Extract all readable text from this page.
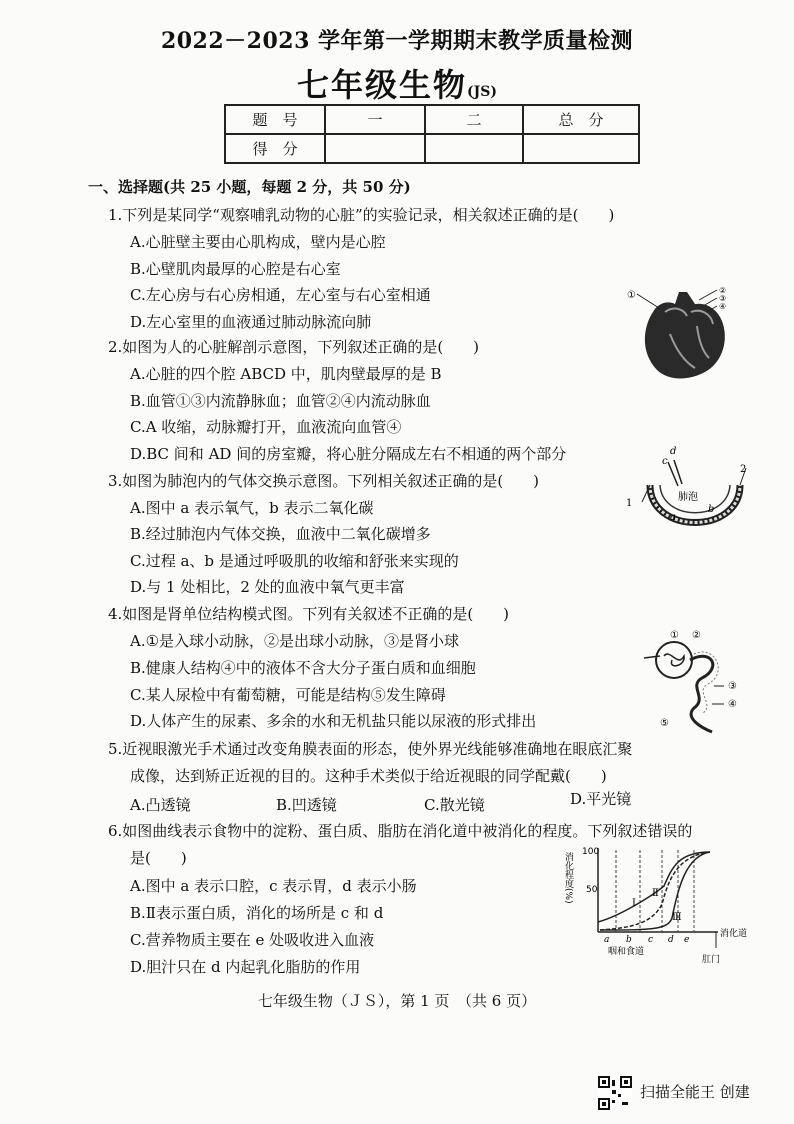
2022－2023 学年第一学期期末教学质量检测
七年级生物(JS)
题　号	一	二	总　分
得　分			
一、选择题(共 25 小题，每题 2 分，共 50 分)
1.下列是某同学“观察哺乳动物的心脏”的实验记录，相关叙述正确的是(　　)
A.心脏壁主要由心肌构成，壁内是心腔
B.心壁肌肉最厚的心腔是右心室
C.左心房与右心房相通，左心室与右心室相通
D.左心室里的血液通过肺动脉流向肺
2.如图为人的心脏解剖示意图，下列叙述正确的是(　　)
A.心脏的四个腔 ABCD 中，肌肉壁最厚的是 B
B.血管①③内流静脉血；血管②④内流动脉血
C.A 收缩，动脉瓣打开，血液流向血管④
D.BC 间和 AD 间的房室瓣，将心脏分隔成左右不相通的两个部分
3.如图为肺泡内的气体交换示意图。下列相关叙述正确的是(　　)
A.图中 a 表示氧气，b 表示二氧化碳
B.经过肺泡内气体交换，血液中二氧化碳增多
C.过程 a、b 是通过呼吸肌的收缩和舒张来实现的
D.与 1 处相比，2 处的血液中氧气更丰富
4.如图是肾单位结构模式图。下列有关叙述不正确的是(　　)
A.①是入球小动脉，②是出球小动脉，③是肾小球
B.健康人结构④中的液体不含大分子蛋白质和血细胞
C.某人尿检中有葡萄糖，可能是结构⑤发生障碍
D.人体产生的尿素、多余的水和无机盐只能以尿液的形式排出
5.近视眼激光手术通过改变角膜表面的形态，使外界光线能够准确地在眼底汇聚
成像，达到矫正近视的目的。这种手术类似于给近视眼的同学配戴(　　)
A.凸透镜	B.凹透镜	C.散光镜	D.平光镜
6.如图曲线表示食物中的淀粉、蛋白质、脂肪在消化道中被消化的程度。下列叙述错误的
是(　　)
A.图中 a 表示口腔，c 表示胃，d 表示小肠
B.Ⅱ表示蛋白质，消化的场所是 c 和 d
C.营养物质主要在 e 处吸收进入血液
D.胆汁只在 d 内起乳化脂肪的作用
①	②
③
④
肺泡
c
d
1
2
a
b
① ②
③
④
⑤
消化程度(%) 100
50
Ⅰ
Ⅱ
Ⅲ
a b c d e
咽和食道
消化道
肛门
七年级生物（ＪＳ），第 1 页　（共 6 页）
扫描全能王 创建
